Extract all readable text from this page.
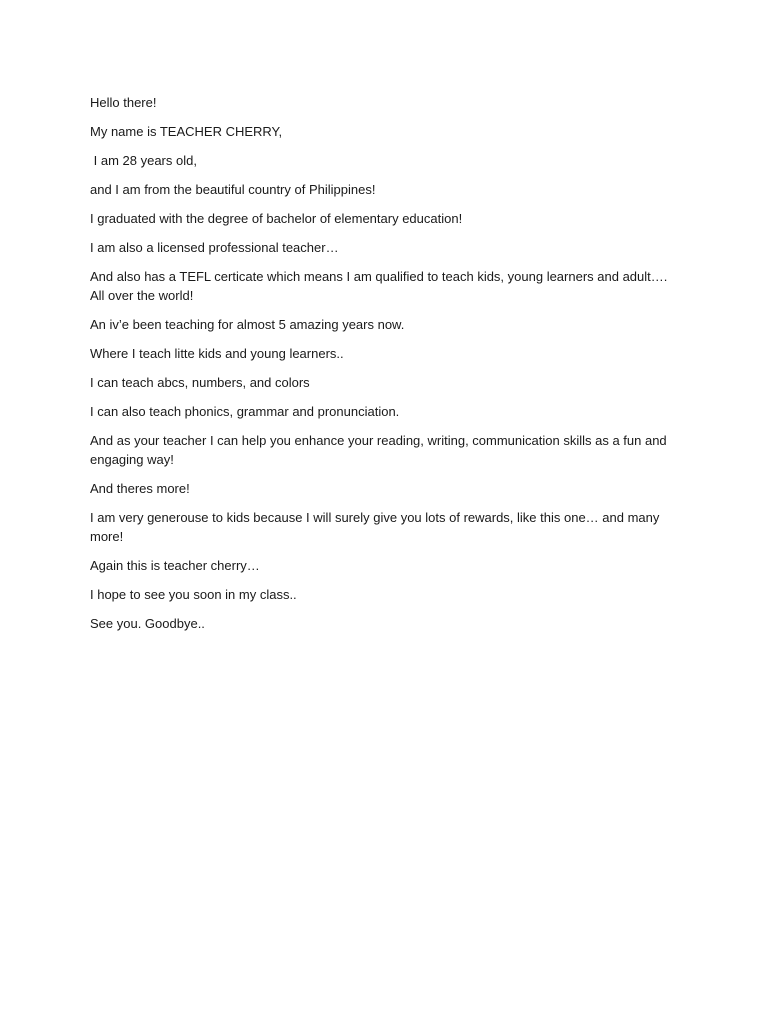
Hello there!

My name is TEACHER CHERRY,

I am 28 years old,

and I am from the beautiful country of Philippines!

I graduated with the degree of bachelor of elementary education!

I am also a licensed professional teacher…

And also has a TEFL certicate which means I am qualified to teach kids, young learners and adult…. All over the world!

An iv’e been teaching for almost 5 amazing years now.

Where I teach litte kids and young learners..

I can teach abcs, numbers, and colors

I can also teach phonics, grammar and pronunciation.

And as your teacher I can help you enhance your reading, writing, communication skills as a fun and engaging way!

And theres more!

I am very generouse to kids because I will surely give you lots of rewards, like this one… and many more!

Again this is teacher cherry…

I hope to see you soon in my class..

See you. Goodbye..
